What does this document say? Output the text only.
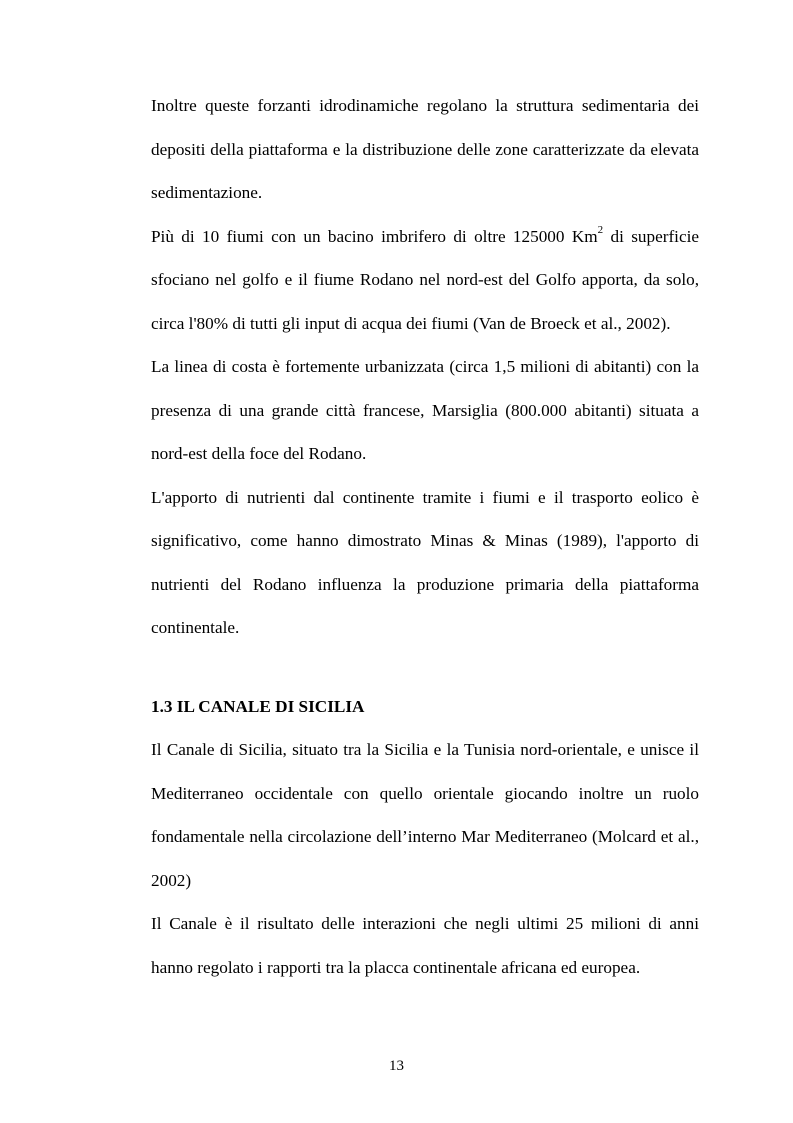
Inoltre queste forzanti idrodinamiche regolano la struttura sedimentaria dei depositi della piattaforma e la distribuzione delle zone caratterizzate da elevata sedimentazione.

Più di 10 fiumi con un bacino imbrifero di oltre 125000 Km$^2$ di superficie sfociano nel golfo e il fiume Rodano nel nord-est del Golfo apporta, da solo, circa l'80% di tutti gli input di acqua dei fiumi (Van de Broeck et al., 2002).

La linea di costa è fortemente urbanizzata (circa 1,5 milioni di abitanti) con la presenza di una grande città francese, Marsiglia (800.000 abitanti) situata a nord-est della foce del Rodano.

L'apporto di nutrienti dal continente tramite i fiumi e il trasporto eolico è significativo, come hanno dimostrato Minas & Minas (1989), l'apporto di nutrienti del Rodano influenza la produzione primaria della piattaforma continentale.

1.3 IL CANALE DI SICILIA

Il Canale di Sicilia, situato tra la Sicilia e la Tunisia nord-orientale, e unisce il Mediterraneo occidentale con quello orientale giocando inoltre un ruolo fondamentale nella circolazione dell’interno Mar Mediterraneo (Molcard et al., 2002)

Il Canale è il risultato delle interazioni che negli ultimi 25 milioni di anni hanno regolato i rapporti tra la placca continentale africana ed europea.

13
